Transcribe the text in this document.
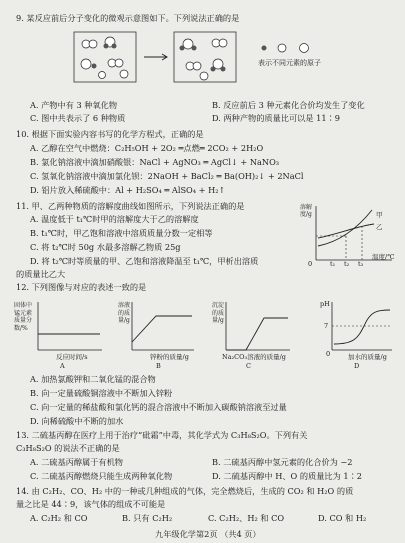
9. 某反应前后分子变化的微观示意图如下。下列说法正确的是
表示不同元素的原子
A. 产物中有 3 种氧化物	B. 反应前后 3 种元素化合价均发生了变化
C. 图中共表示了 6 种物质	D. 两种产物的质量比可以是 11∶9
10. 根据下面实验内容书写的化学方程式，正确的是
A. 乙醇在空气中燃烧：C₂H₅OH + 2O₂ ═点燃═ 2CO₂ + 2H₂O
B. 氯化钠溶液中滴加硝酸银：NaCl + AgNO₃ ═ AgCl↓ + NaNO₃
C. 氢氧化钠溶液中滴加氯化钡：2NaOH + BaCl₂ ═ Ba(OH)₂↓ + 2NaCl
D. 铝片放入稀硫酸中：Al + H₂SO₄ ═ AlSO₄ + H₂↑
11. 甲、乙两种物质的溶解度曲线如图所示，下列说法正确的是
A. 温度低于 t₁℃时甲的溶解度大于乙的溶解度
B. t₁℃时，甲乙饱和溶液中溶质质量分数一定相等
C. 将 t₂℃时 50g 水最多溶解乙物质 25g
D. 将 t₂℃时等质量的甲、乙饱和溶液降温至 t₁℃，甲析出溶质
的质量比乙大
溶解度/g	甲
乙
0	t₁ t₂ t₃
温度/℃
12. 下列图像与对应的表述一致的是
固体中锰元素质量分数/%
反应时间/s
A
溶液的质量/g
锌粉的质量/g
B
沉淀的质量/g
Na₂CO₃溶液的质量/g
C
pH
7
0	加水的质量/g
D
A. 加热氯酸钾和二氧化锰的混合物
B. 向一定量硫酸铜溶液中不断加入锌粉
C. 向一定量的稀盐酸和氯化钙的混合溶液中不断加入碳酸钠溶液至过量
D. 向稀硫酸中不断的加水
13. 二硫基丙醇在医疗上用于治疗“砒霜”中毒，其化学式为 C₃H₈S₂O。下列有关
C₃H₈S₂O 的说法不正确的是
A. 二硫基丙醇属于有机物	B. 二硫基丙醇中氢元素的化合价为 −2
C. 二硫基丙醇燃烧只能生成两种氧化物	D. 二硫基丙醇中 H、O 的质量比为 1∶2
14. 由 C₂H₂、CO、H₂ 中的一种或几种组成的气体，完全燃烧后，生成的 CO₂ 和 H₂O 的质
量之比是 44∶9，该气体的组成不可能是
A. C₂H₂ 和 CO	B. 只有 C₂H₂	C. C₂H₂、H₂ 和 CO	D. CO 和 H₂
九年级化学第2页 （共4 页）
